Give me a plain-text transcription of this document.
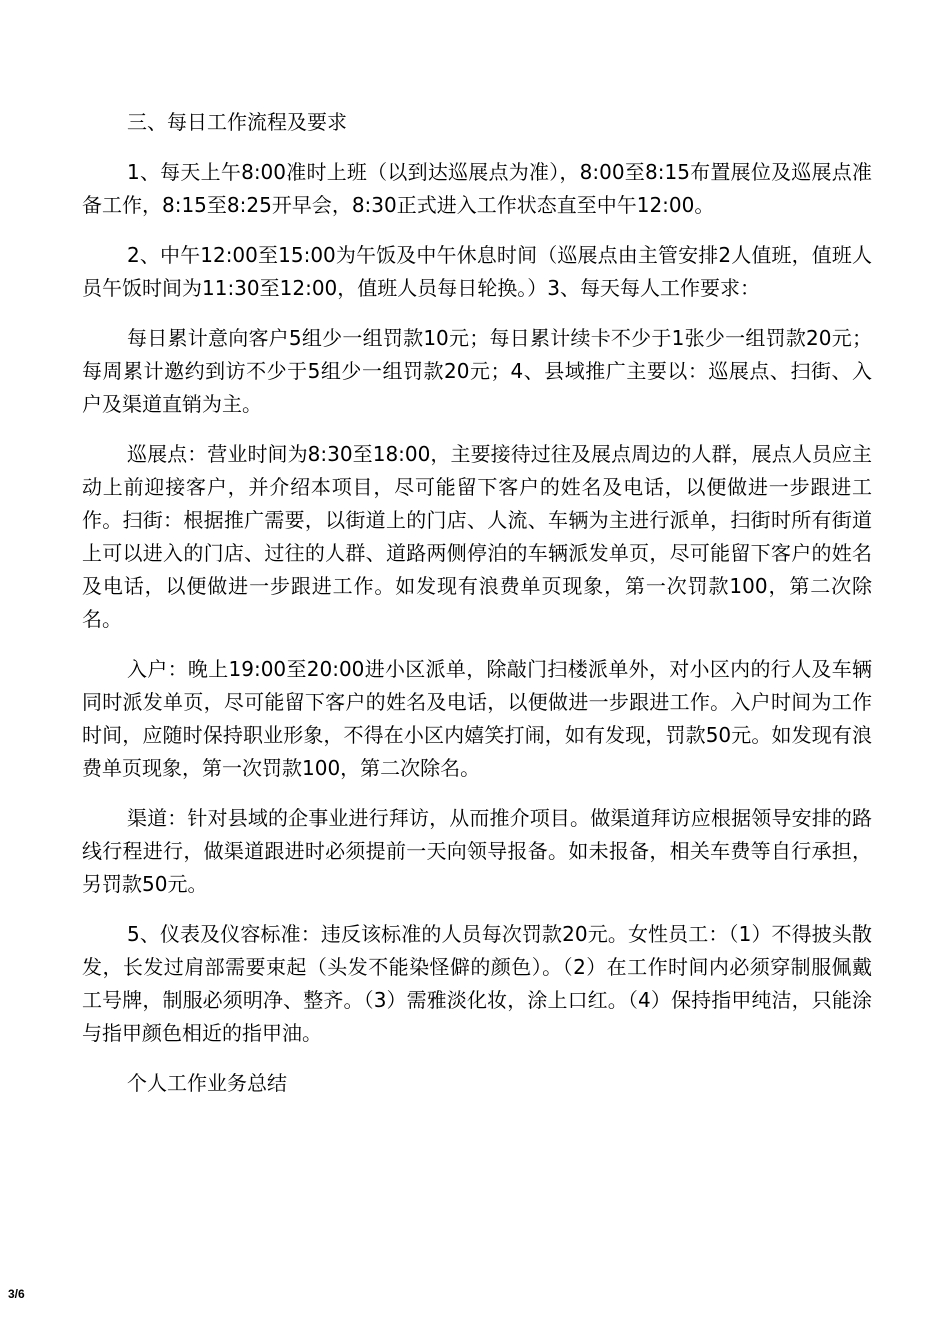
三、每日工作流程及要求

1、每天上午8:00准时上班（以到达巡展点为准），8:00至8:15布置展位及巡展点准备工作，8:15至8:25开早会，8:30正式进入工作状态直至中午12:00。

2、中午12:00至15:00为午饭及中午休息时间（巡展点由主管安排2人值班，值班人员午饭时间为11:30至12:00，值班人员每日轮换。）3、每天每人工作要求：

每日累计意向客户5组少一组罚款10元；每日累计续卡不少于1张少一组罚款20元；每周累计邀约到访不少于5组少一组罚款20元；4、县域推广主要以：巡展点、扫街、入户及渠道直销为主。

巡展点：营业时间为8:30至18:00，主要接待过往及展点周边的人群，展点人员应主动上前迎接客户，并介绍本项目，尽可能留下客户的姓名及电话，以便做进一步跟进工作。扫街：根据推广需要，以街道上的门店、人流、车辆为主进行派单，扫街时所有街道上可以进入的门店、过往的人群、道路两侧停泊的车辆派发单页，尽可能留下客户的姓名及电话，以便做进一步跟进工作。如发现有浪费单页现象，第一次罚款100，第二次除名。

入户：晚上19:00至20:00进小区派单，除敲门扫楼派单外，对小区内的行人及车辆同时派发单页，尽可能留下客户的姓名及电话，以便做进一步跟进工作。入户时间为工作时间，应随时保持职业形象，不得在小区内嬉笑打闹，如有发现，罚款50元。如发现有浪费单页现象，第一次罚款100，第二次除名。

渠道：针对县域的企事业进行拜访，从而推介项目。做渠道拜访应根据领导安排的路线行程进行，做渠道跟进时必须提前一天向领导报备。如未报备，相关车费等自行承担，另罚款50元。

5、仪表及仪容标准：违反该标准的人员每次罚款20元。女性员工：（1）不得披头散发，长发过肩部需要束起（头发不能染怪僻的颜色）。（2）在工作时间内必须穿制服佩戴工号牌，制服必须明净、整齐。（3）需雅淡化妆，涂上口红。（4）保持指甲纯洁，只能涂与指甲颜色相近的指甲油。

个人工作业务总结

3/6
